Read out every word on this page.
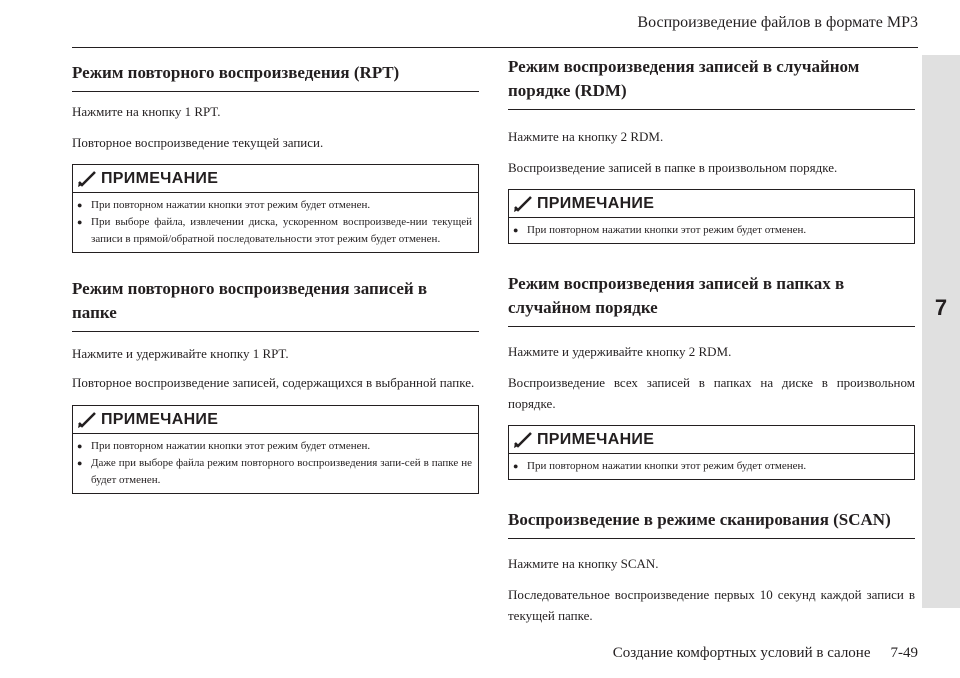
Воспроизведение файлов в формате MP3
7
Режим повторного воспроизведения (RPT)

Нажмите на кнопку 1 RPT.

Повторное воспроизведение текущей записи.

ПРИМЕЧАНИЕ
● При повторном нажатии кнопки этот режим будет отменен.
● При выборе файла, извлечении диска, ускоренном воспроизведе-нии текущей записи в прямой/обратной последовательности этот режим будет отменен.
Режим повторного воспроизведения записей в папке

Нажмите и удерживайте кнопку 1 RPT.

Повторное воспроизведение записей, содержащихся в выбранной папке.

ПРИМЕЧАНИЕ
● При повторном нажатии кнопки этот режим будет отменен.
● Даже при выборе файла режим повторного воспроизведения запи-сей в папке не будет отменен.
Режим воспроизведения записей в случайном порядке (RDM)

Нажмите на кнопку 2 RDM.

Воспроизведение записей в папке в произвольном порядке.

ПРИМЕЧАНИЕ
● При повторном нажатии кнопки этот режим будет отменен.
Режим воспроизведения записей в папках в случайном порядке

Нажмите и удерживайте кнопку 2 RDM.

Воспроизведение всех записей в папках на диске в произвольном порядке.

ПРИМЕЧАНИЕ
● При повторном нажатии кнопки этот режим будет отменен.
Воспроизведение в режиме сканирования (SCAN)

Нажмите на кнопку SCAN.

Последовательное воспроизведение первых 10 секунд каждой записи в текущей папке.

Создание комфортных условий в салоне 7-49
